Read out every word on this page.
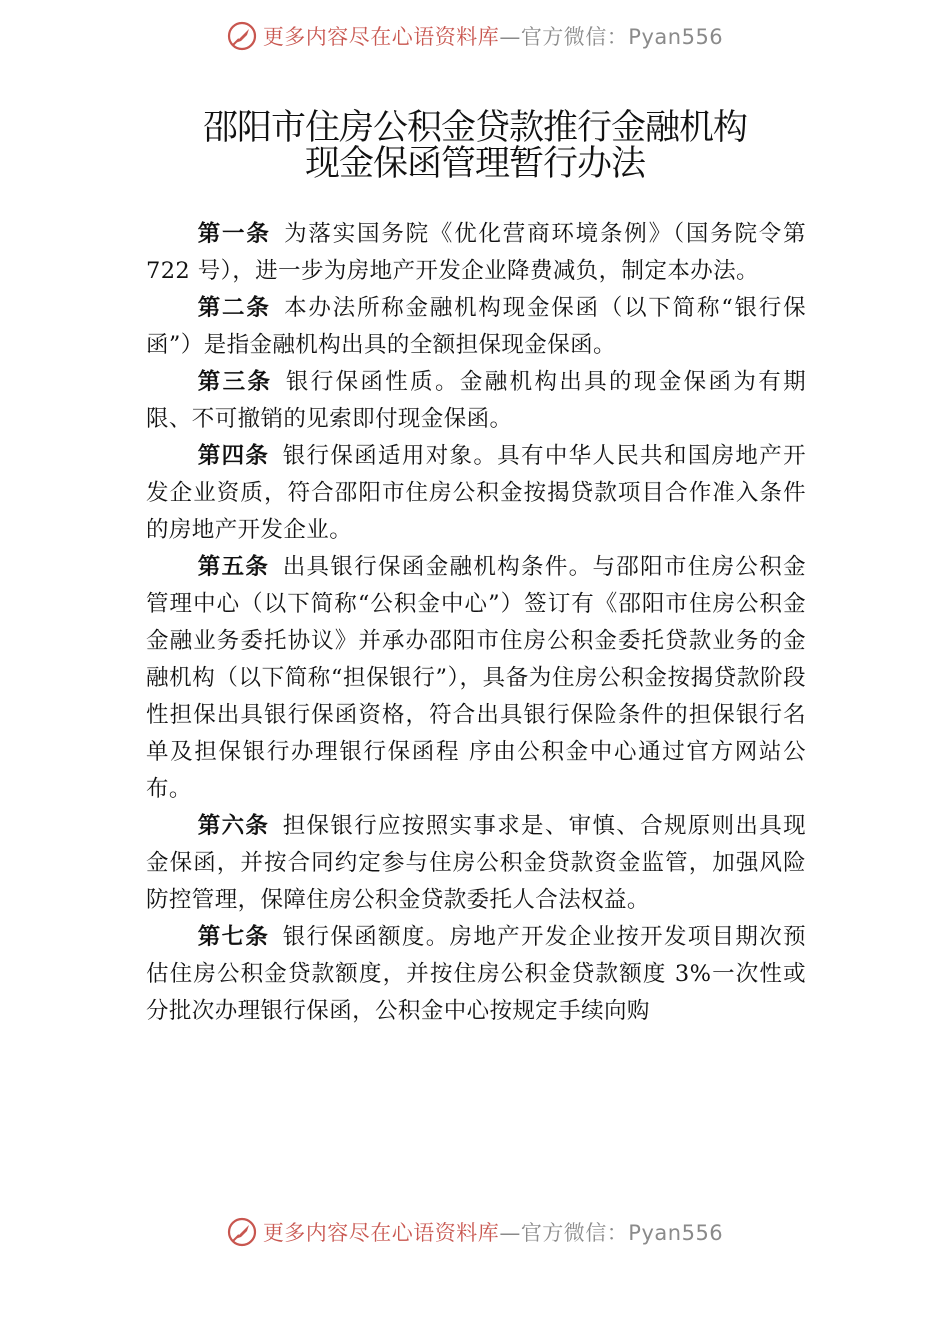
更多内容尽在心语资料库—官方微信：Pyan556
邵阳市住房公积金贷款推行金融机构
现金保函管理暂行办法

第一条 为落实国务院《优化营商环境条例》（国务院令第 722 号），进一步为房地产开发企业降费减负，制定本办法。

第二条 本办法所称金融机构现金保函（以下简称“银行保函”）是指金融机构出具的全额担保现金保函。

第三条 银行保函性质。金融机构出具的现金保函为有期限、不可撤销的见索即付现金保函。

第四条 银行保函适用对象。具有中华人民共和国房地产开发企业资质，符合邵阳市住房公积金按揭贷款项目合作准入条件的房地产开发企业。

第五条 出具银行保函金融机构条件。与邵阳市住房公积金管理中心（以下简称“公积金中心”）签订有《邵阳市住房公积金金融业务委托协议》并承办邵阳市住房公积金委托贷款业务的金融机构（以下简称“担保银行”），具备为住房公积金按揭贷款阶段性担保出具银行保函资格，符合出具银行保险条件的担保银行名单及担保银行办理银行保函程 序由公积金中心通过官方网站公布。

第六条 担保银行应按照实事求是、审慎、合规原则出具现金保函，并按合同约定参与住房公积金贷款资金监管，加强风险防控管理，保障住房公积金贷款委托人合法权益。

第七条 银行保函额度。房地产开发企业按开发项目期次预估住房公积金贷款额度，并按住房公积金贷款额度 3%一次性或分批次办理银行保函，公积金中心按规定手续向购

更多内容尽在心语资料库—官方微信：Pyan556
